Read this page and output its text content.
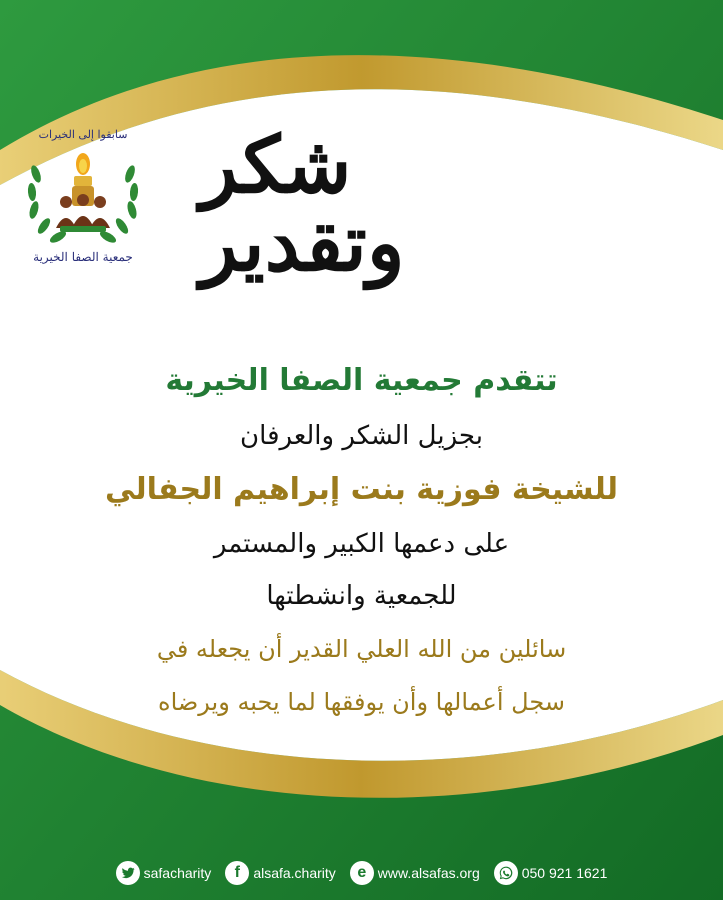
سابقوا إلى الخيرات
جمعية الصفا الخيرية
شكر وتقدير
تتقدم جمعية الصفا الخيرية
بجزيل الشكر والعرفان
للشيخة فوزية بنت إبراهيم الجفالي
على دعمها الكبير والمستمر
للجمعية وانشطتها
سائلين من الله العلي القدير أن يجعله في
سجل أعمالها وأن يوفقها لما يحبه ويرضاه
safacharity f alsafa.charity e www.alsafas.org	050 921 1621
